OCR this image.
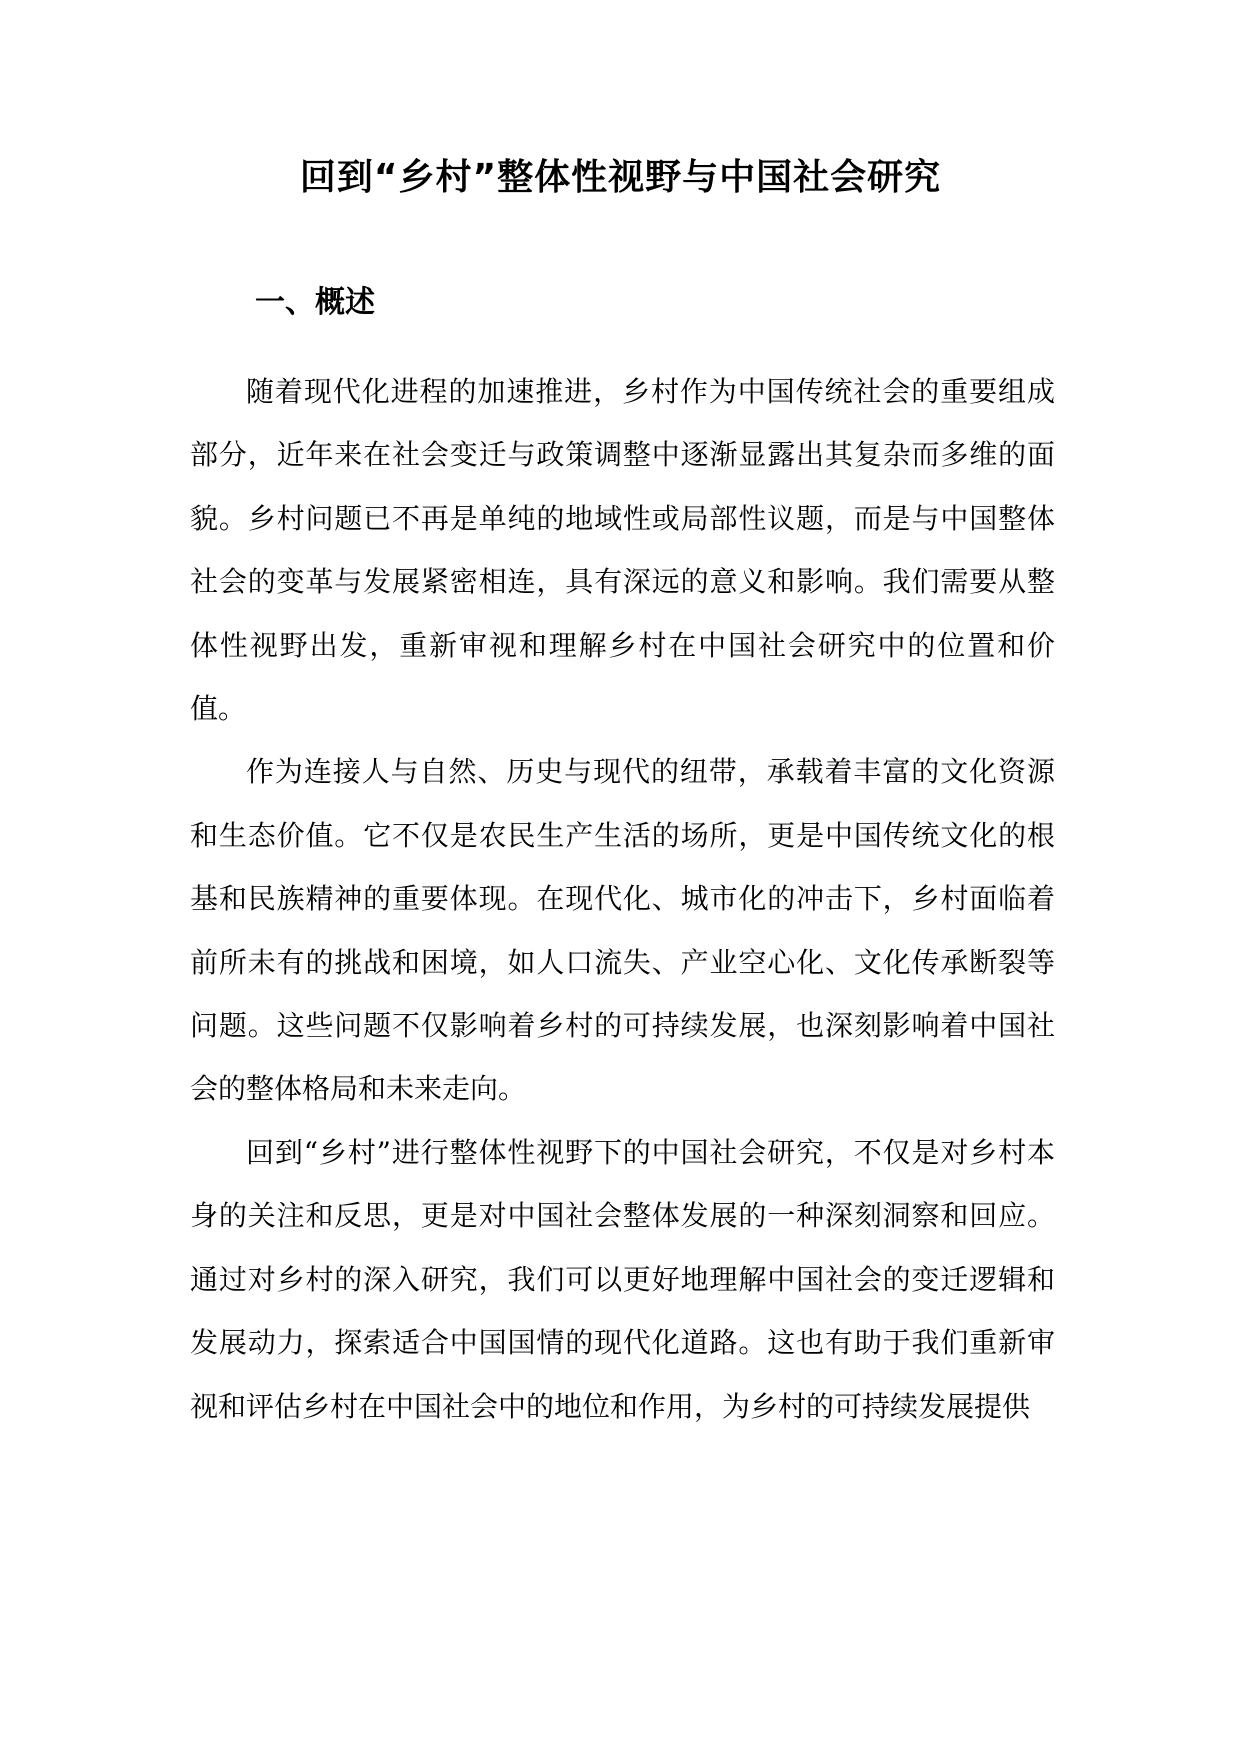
回到“乡村”整体性视野与中国社会研究
一、概述

随着现代化进程的加速推进，乡村作为中国传统社会的重要组成部分，近年来在社会变迁与政策调整中逐渐显露出其复杂而多维的面貌。乡村问题已不再是单纯的地域性或局部性议题，而是与中国整体社会的变革与发展紧密相连，具有深远的意义和影响。我们需要从整体性视野出发，重新审视和理解乡村在中国社会研究中的位置和价值。

作为连接人与自然、历史与现代的纽带，承载着丰富的文化资源和生态价值。它不仅是农民生产生活的场所，更是中国传统文化的根基和民族精神的重要体现。在现代化、城市化的冲击下，乡村面临着前所未有的挑战和困境，如人口流失、产业空心化、文化传承断裂等问题。这些问题不仅影响着乡村的可持续发展，也深刻影响着中国社会的整体格局和未来走向。

回到“乡村”进行整体性视野下的中国社会研究，不仅是对乡村本身的关注和反思，更是对中国社会整体发展的一种深刻洞察和回应。通过对乡村的深入研究，我们可以更好地理解中国社会的变迁逻辑和发展动力，探索适合中国国情的现代化道路。这也有助于我们重新审视和评估乡村在中国社会中的地位和作用，为乡村的可持续发展提供
